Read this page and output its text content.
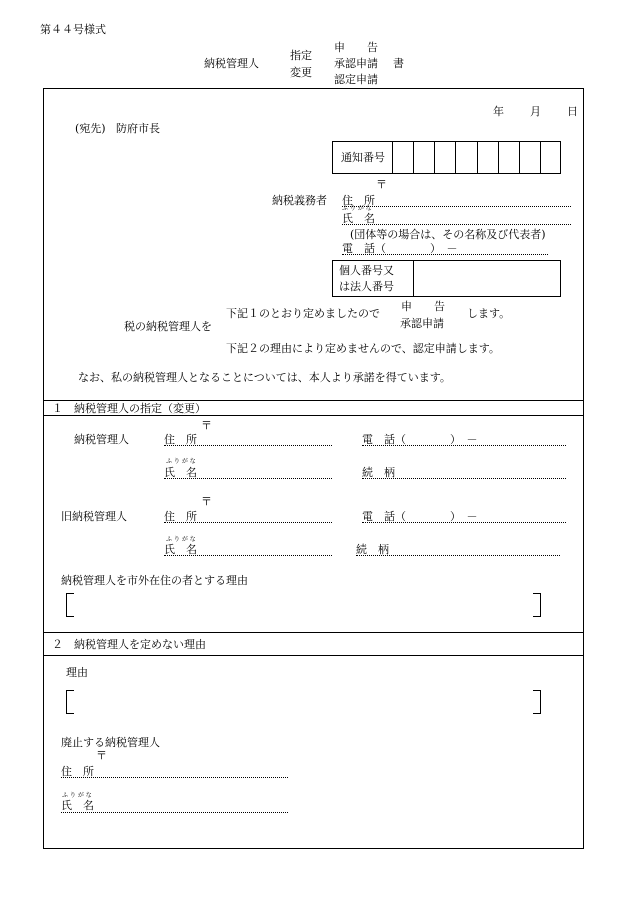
第４４号様式
納税管理人
指定
変更
申　　告
承認申請
認定申請
書
年 月 日
(宛先) 防府市長
通知番号
〒
納税義務者 住　所
ふ り が な
氏　名
(団体等の場合は、その名称及び代表者)
電　話（　　　　）　－
個人番号又
は法人番号
下記１のとおり定めましたので
申　　告
承認申請
します。
税の納税管理人を
下記２の理由により定めませんので、認定申請します。
なお、私の納税管理人となることについては、本人より承諾を得ています。
１　納税管理人の指定（変更）
〒
納税管理人	住　所	電　話（　　　　）　－
ふ り が な
氏　名	続　柄
〒
旧納税管理人	住　所	電　話（　　　　）　－
ふ り が な
氏　名	続　柄
納税管理人を市外在住の者とする理由
２　納税管理人を定めない理由
理由
廃止する納税管理人
〒
住　所
ふ り が な
氏　名
